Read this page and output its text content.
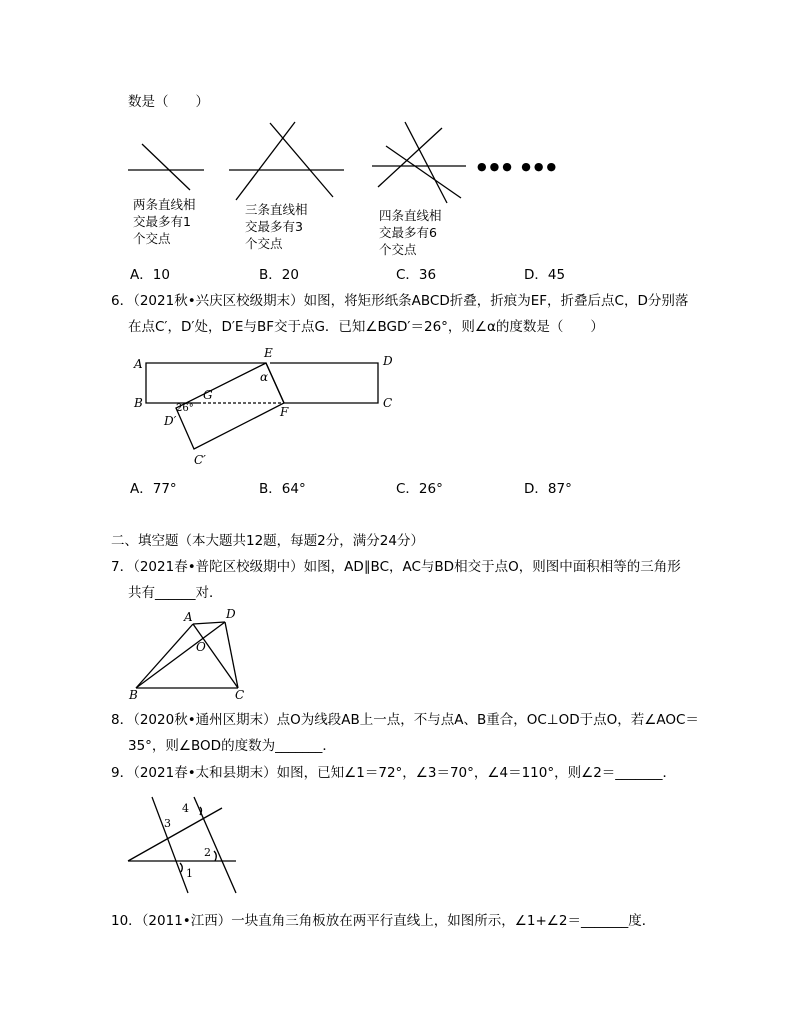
数是（　　）
两条直线相
交最多有1
个交点
三条直线相
交最多有3
个交点
四条直线相
交最多有6
个交点
●●● ●●●
A．10	B．20	C．36	D．45
6．（2021秋•兴庆区校级期末）如图，将矩形纸条ABCD折叠，折痕为EF，折叠后点C，D分别落
在点C′，D′处，D′E与BF交于点G．已知∠BGD′＝26°，则∠α的度数是（　　）
A
B	C
D
E
F
G
D′
C′
α
26°
A．77°	B．64°	C．26°	D．87°
二、填空题（本大题共12题，每题2分，满分24分）
7．（2021春•普陀区校级期中）如图，AD∥BC，AC与BD相交于点O，则图中面积相等的三角形
共有______对．
A	D
O
B	C
8．（2020秋•通州区期末）点O为线段AB上一点，不与点A、B重合，OC⊥OD于点O，若∠AOC＝
35°，则∠BOD的度数为_______．
9．（2021春•太和县期末）如图，已知∠1＝72°，∠3＝70°，∠4＝110°，则∠2＝_______．
4
3
2
1
10．（2011•江西）一块直角三角板放在两平行直线上，如图所示，∠1+∠2＝_______度．
